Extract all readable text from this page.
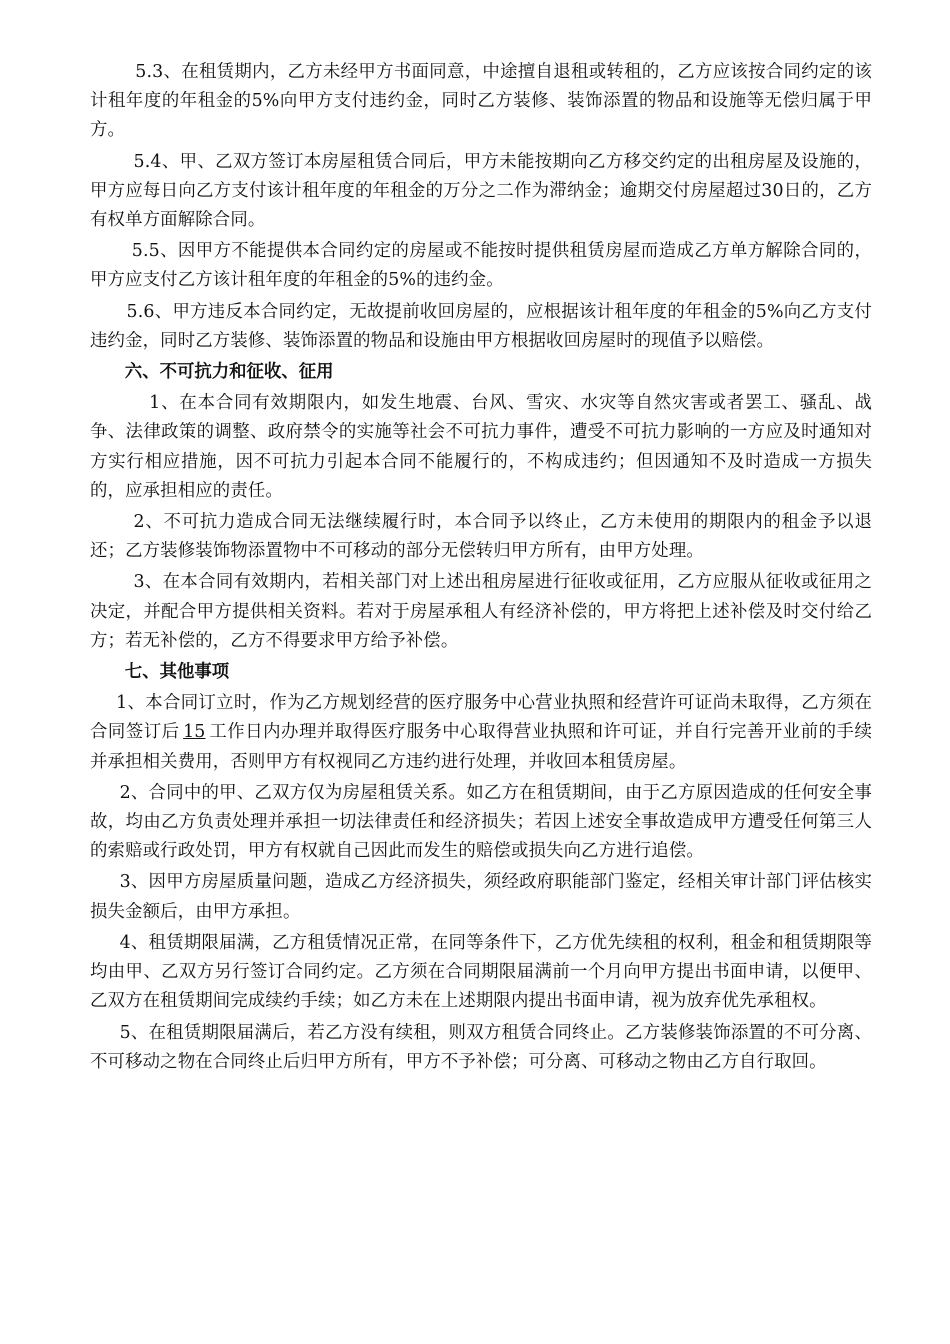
5.3、在租赁期内，乙方未经甲方书面同意，中途擅自退租或转租的，乙方应该按合同约定的该计租年度的年租金的5%向甲方支付违约金，同时乙方装修、装饰添置的物品和设施等无偿归属于甲方。

5.4、甲、乙双方签订本房屋租赁合同后，甲方未能按期向乙方移交约定的出租房屋及设施的，甲方应每日向乙方支付该计租年度的年租金的万分之二作为滞纳金；逾期交付房屋超过30日的，乙方有权单方面解除合同。

5.5、因甲方不能提供本合同约定的房屋或不能按时提供租赁房屋而造成乙方单方解除合同的，甲方应支付乙方该计租年度的年租金的5%的违约金。

5.6、甲方违反本合同约定，无故提前收回房屋的，应根据该计租年度的年租金的5%向乙方支付违约金，同时乙方装修、装饰添置的物品和设施由甲方根据收回房屋时的现值予以赔偿。

六、不可抗力和征收、征用

1、在本合同有效期限内，如发生地震、台风、雪灾、水灾等自然灾害或者罢工、骚乱、战争、法律政策的调整、政府禁令的实施等社会不可抗力事件，遭受不可抗力影响的一方应及时通知对方实行相应措施，因不可抗力引起本合同不能履行的，不构成违约；但因通知不及时造成一方损失的，应承担相应的责任。

2、不可抗力造成合同无法继续履行时，本合同予以终止，乙方未使用的期限内的租金予以退还；乙方装修装饰物添置物中不可移动的部分无偿转归甲方所有，由甲方处理。

3、在本合同有效期内，若相关部门对上述出租房屋进行征收或征用，乙方应服从征收或征用之决定，并配合甲方提供相关资料。若对于房屋承租人有经济补偿的，甲方将把上述补偿及时交付给乙方；若无补偿的，乙方不得要求甲方给予补偿。

七、其他事项

1、本合同订立时，作为乙方规划经营的医疗服务中心营业执照和经营许可证尚未取得，乙方须在合同签订后 15 工作日内办理并取得医疗服务中心取得营业执照和许可证，并自行完善开业前的手续并承担相关费用，否则甲方有权视同乙方违约进行处理，并收回本租赁房屋。

2、合同中的甲、乙双方仅为房屋租赁关系。如乙方在租赁期间，由于乙方原因造成的任何安全事故，均由乙方负责处理并承担一切法律责任和经济损失；若因上述安全事故造成甲方遭受任何第三人的索赔或行政处罚，甲方有权就自己因此而发生的赔偿或损失向乙方进行追偿。

3、因甲方房屋质量问题，造成乙方经济损失，须经政府职能部门鉴定，经相关审计部门评估核实损失金额后，由甲方承担。

4、租赁期限届满，乙方租赁情况正常，在同等条件下，乙方优先续租的权利，租金和租赁期限等均由甲、乙双方另行签订合同约定。乙方须在合同期限届满前一个月向甲方提出书面申请，以便甲、乙双方在租赁期间完成续约手续；如乙方未在上述期限内提出书面申请，视为放弃优先承租权。

5、在租赁期限届满后，若乙方没有续租，则双方租赁合同终止。乙方装修装饰添置的不可分离、不可移动之物在合同终止后归甲方所有，甲方不予补偿；可分离、可移动之物由乙方自行取回。
